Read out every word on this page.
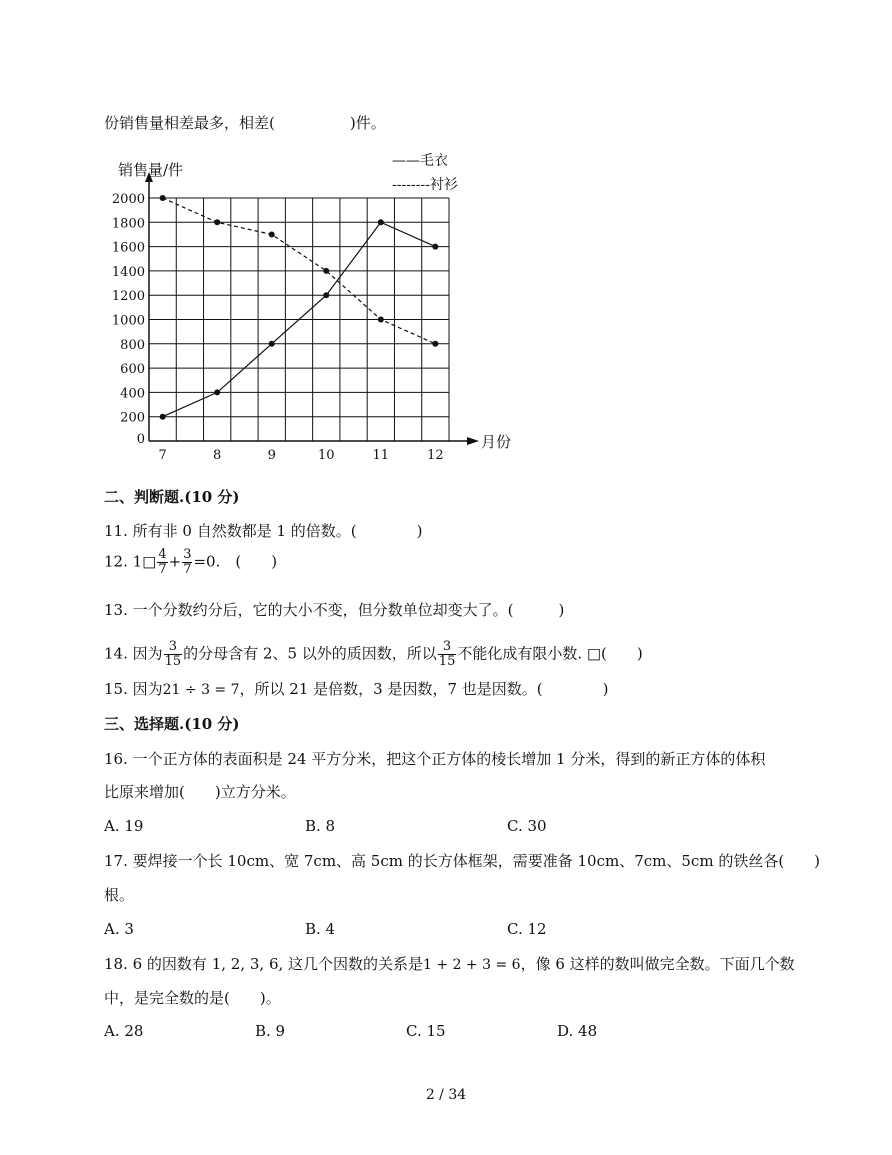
份销售量相差最多，相差(　　　　　)件。
0
200
400
600
800
1000
1200
1400
1600
1800
2000
7	8	9	10	11	12
销售量/件
月份
——毛衣
--------衬衫
二、判断题.(10 分)
11. 所有非 0 自然数都是 1 的倍数。(　　　　)
12. 1□ $\frac{4}{7} + \frac{3}{7} =0$.　(　　)
13. 一个分数约分后，它的大小不变，但分数单位却变大了。(　　　)
14. 因为 $\frac{3}{15}$ 的分母含有 2、5 以外的质因数，所以 $\frac{3}{15}$ 不能化成有限小数. □(　　)
15. 因为21 ÷ 3 = 7，所以 21 是倍数，3 是因数，7 也是因数。(　　　　)
三、选择题.(10 分)
16. 一个正方体的表面积是 24 平方分米，把这个正方体的棱长增加 1 分米，得到的新正方体的体积
比原来增加(　　)立方分米。
A. 19	B. 8	C. 30
17. 要焊接一个长 10cm、宽 7cm、高 5cm 的长方体框架，需要准备 10cm、7cm、5cm 的铁丝各(　　)
根。
A. 3	B. 4	C. 12
18. 6 的因数有 1, 2, 3, 6, 这几个因数的关系是1 + 2 + 3 = 6，像 6 这样的数叫做完全数。下面几个数
中，是完全数的是(　　)。
A. 28	B. 9	C. 15	D. 48
2 / 34
